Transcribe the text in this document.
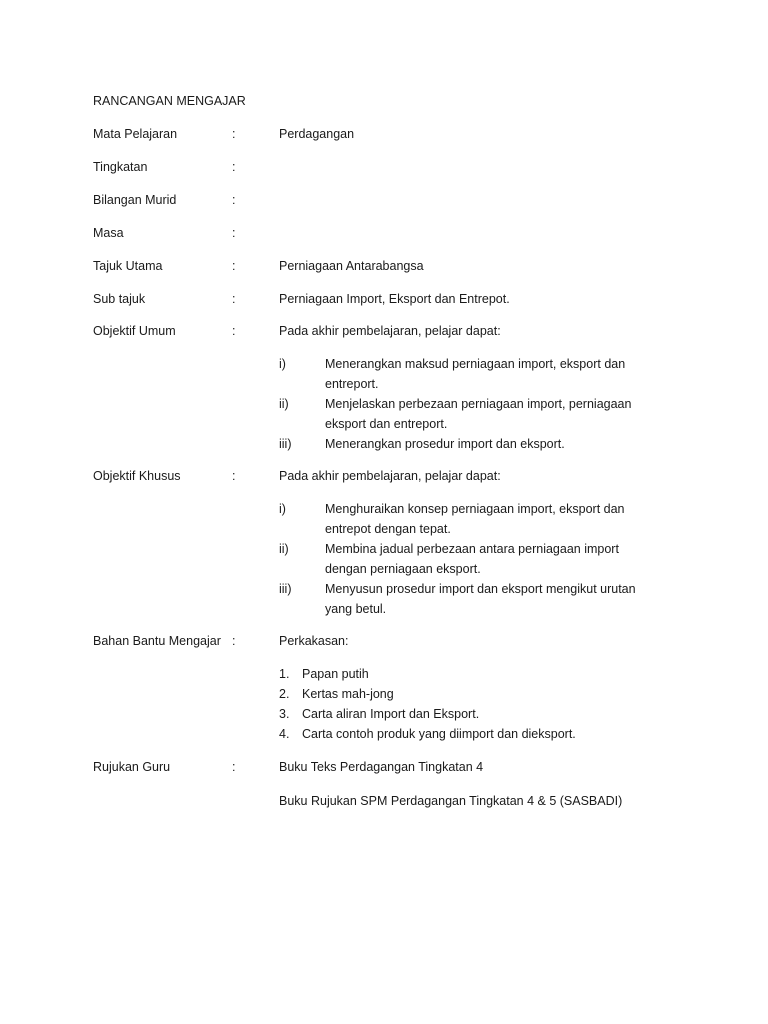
RANCANGAN MENGAJAR
Mata Pelajaran	:	Perdagangan
Tingkatan	:
Bilangan Murid	:
Masa	:
Tajuk Utama	:	Perniagaan Antarabangsa
Sub tajuk	:	Perniagaan Import, Eksport dan Entrepot.
Objektif Umum	:	Pada akhir pembelajaran, pelajar dapat:
i)	Menerangkan maksud perniagaan import, eksport dan
entreport.
ii)	Menjelaskan perbezaan perniagaan import, perniagaan
eksport dan entreport.
iii)	Menerangkan prosedur import dan eksport.
Objektif Khusus	:	Pada akhir pembelajaran, pelajar dapat:
i)	Menghuraikan konsep perniagaan import, eksport dan
entrepot dengan tepat.
ii)	Membina jadual perbezaan antara perniagaan import
dengan perniagaan eksport.
iii)	Menyusun prosedur import dan eksport mengikut urutan
yang betul.
Bahan Bantu Mengajar :	Perkakasan:
1. Papan putih
2. Kertas mah-jong
3. Carta aliran Import dan Eksport.
4. Carta contoh produk yang diimport dan dieksport.
Rujukan Guru	:	Buku Teks Perdagangan Tingkatan 4
Buku Rujukan SPM Perdagangan Tingkatan 4 & 5 (SASBADI)
